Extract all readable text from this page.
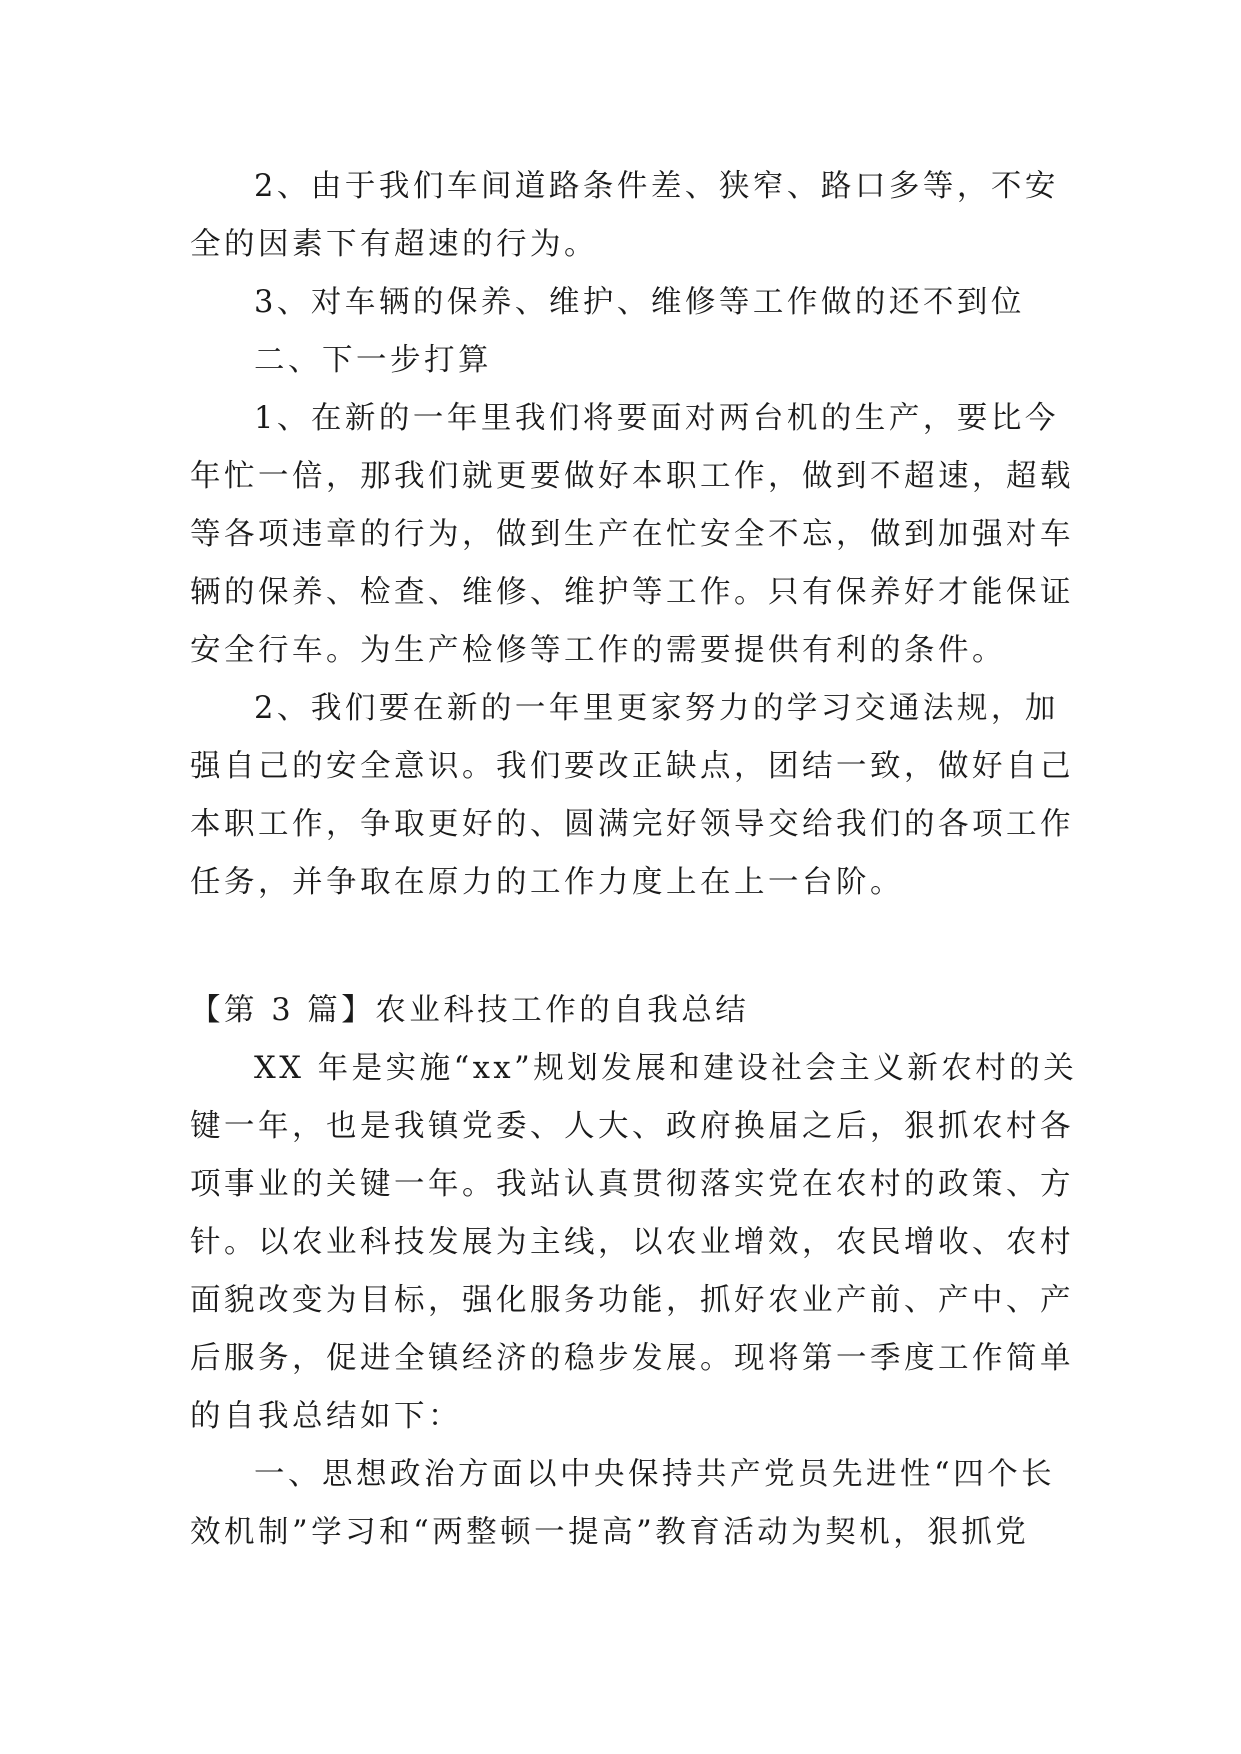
2、由于我们车间道路条件差、狭窄、路口多等，不安
全的因素下有超速的行为。
3、对车辆的保养、维护、维修等工作做的还不到位
二、下一步打算
1、在新的一年里我们将要面对两台机的生产，要比今
年忙一倍，那我们就更要做好本职工作，做到不超速，超载
等各项违章的行为，做到生产在忙安全不忘，做到加强对车
辆的保养、检查、维修、维护等工作。只有保养好才能保证
安全行车。为生产检修等工作的需要提供有利的条件。
2、我们要在新的一年里更家努力的学习交通法规，加
强自己的安全意识。我们要改正缺点，团结一致，做好自己
本职工作，争取更好的、圆满完好领导交给我们的各项工作
任务，并争取在原力的工作力度上在上一台阶。
【第 3 篇】农业科技工作的自我总结
XX 年是实施“xx”规划发展和建设社会主义新农村的关
键一年，也是我镇党委、人大、政府换届之后，狠抓农村各
项事业的关键一年。我站认真贯彻落实党在农村的政策、方
针。以农业科技发展为主线，以农业增效，农民增收、农村
面貌改变为目标，强化服务功能，抓好农业产前、产中、产
后服务，促进全镇经济的稳步发展。现将第一季度工作简单
的自我总结如下：
一、思想政治方面以中央保持共产党员先进性“四个长
效机制”学习和“两整顿一提高”教育活动为契机，狠抓党
